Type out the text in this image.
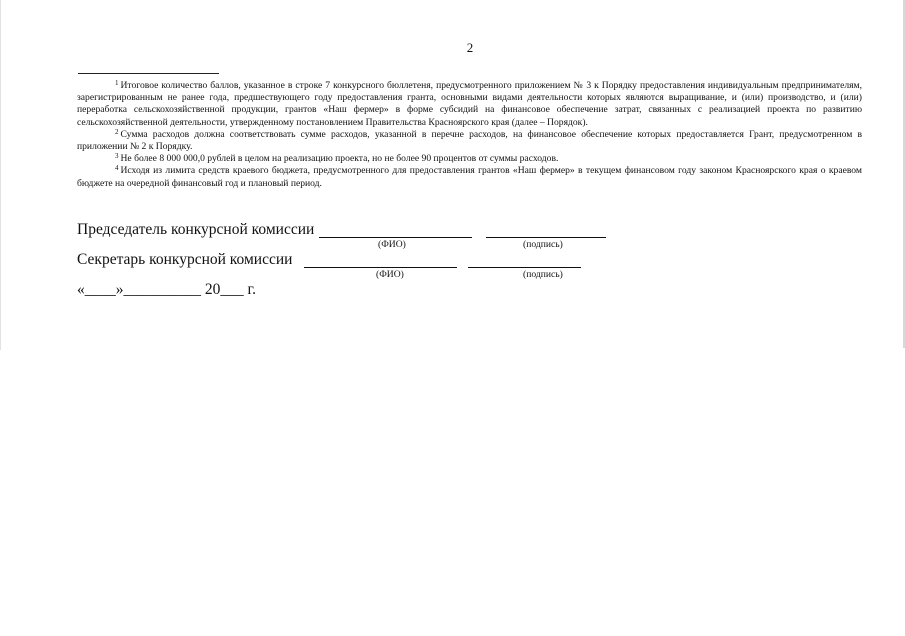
2

$^1$ Итоговое количество баллов, указанное в строке 7 конкурсного бюллетеня, предусмотренного приложением № 3 к Порядку предоставления индивидуальным предпринимателям, зарегистрированным не ранее года, предшествующего году предоставления гранта, основными видами деятельности которых являются выращивание, и (или) производство, и (или) переработка сельскохозяйственной продукции, грантов «Наш фермер» в форме субсидий на финансовое обеспечение затрат, связанных с реализацией проекта по развитию сельскохозяйственной деятельности, утвержденному постановлением Правительства Красноярского края (далее – Порядок).

$^2$ Сумма расходов должна соответствовать сумме расходов, указанной в перечне расходов, на финансовое обеспечение которых предоставляется Грант, предусмотренном в приложении № 2 к Порядку.

$^3$ Не более 8 000 000,0 рублей в целом на реализацию проекта, но не более 90 процентов от суммы расходов.

$^4$ Исходя из лимита средств краевого бюджета, предусмотренного для предоставления грантов «Наш фермер» в текущем финансовом году законом Красноярского края о краевом бюджете на очередной финансовый год и плановый период.

Председатель конкурсной комиссии
(ФИО)	(подпись)
Секретарь конкурсной комиссии
(ФИО)	(подпись)
«____»__________ 20___ г.
